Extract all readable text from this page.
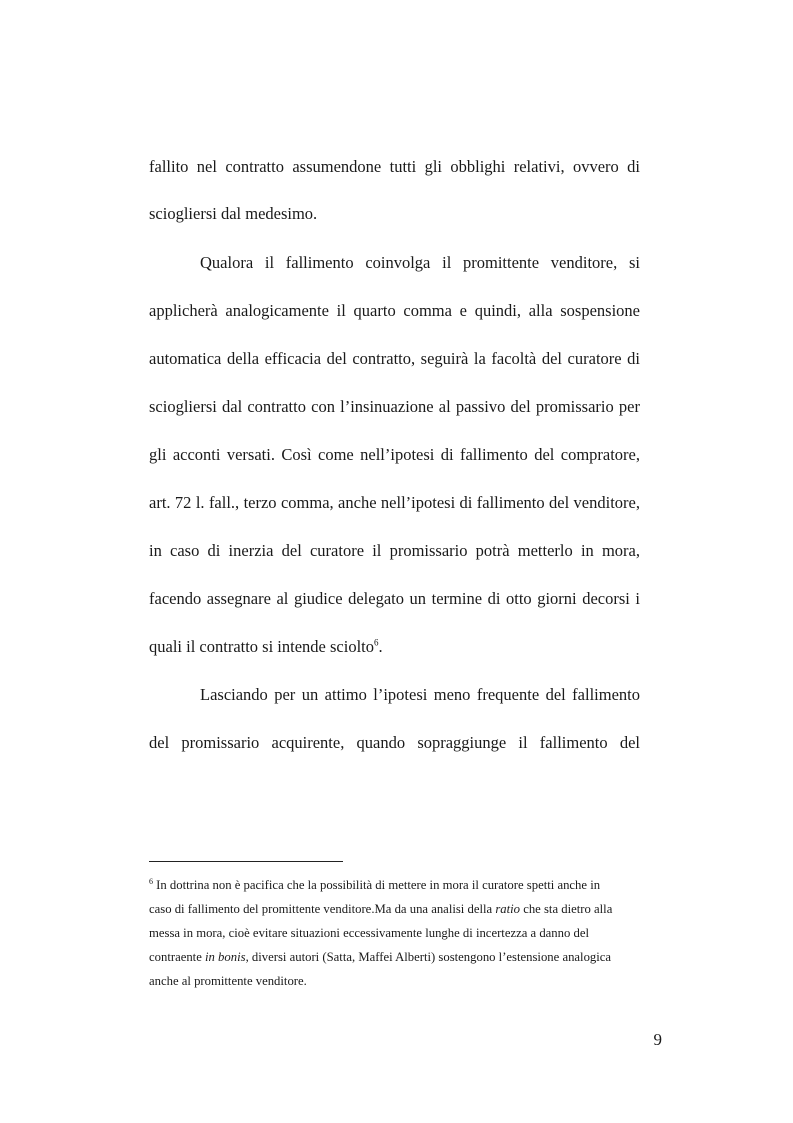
fallito nel contratto assumendone tutti gli obblighi relativi, ovvero di

sciogliersi dal medesimo.

Qualora il fallimento coinvolga il promittente venditore, si

applicherà analogicamente il quarto comma e quindi, alla sospensione

automatica della efficacia del contratto, seguirà la facoltà del curatore di

sciogliersi dal contratto con l’insinuazione al passivo del promissario per

gli acconti versati. Così come nell’ipotesi di fallimento del compratore,

art. 72 l. fall., terzo comma, anche nell’ipotesi di fallimento del venditore,

in caso di inerzia del curatore il promissario potrà metterlo in mora,

facendo assegnare al giudice delegato un termine di otto giorni decorsi i

quali il contratto si intende sciolto$^6$.

Lasciando per un attimo l’ipotesi meno frequente del fallimento

del promissario acquirente, quando sopraggiunge il fallimento del

$^6$ In dottrina non è pacifica che la possibilità di mettere in mora il curatore spetti anche in

caso di fallimento del promittente venditore.Ma da una analisi della ratio che sta dietro alla

messa in mora, cioè evitare situazioni eccessivamente lunghe di incertezza a danno del

contraente in bonis, diversi autori (Satta, Maffei Alberti) sostengono l’estensione analogica

anche al promittente venditore.

9
